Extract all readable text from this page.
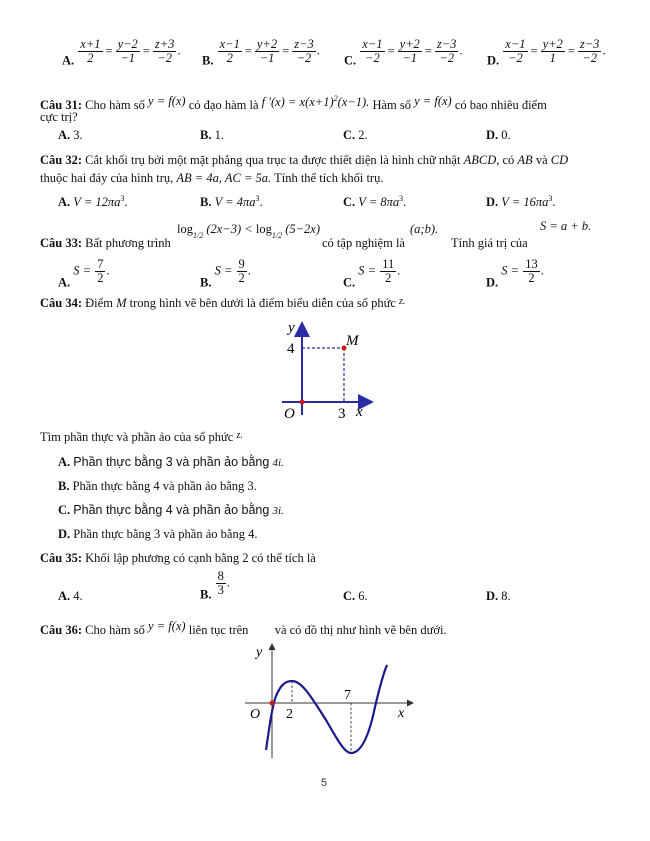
A. $\frac{x+1}{2} = \frac{y-2}{-1} = \frac{z+3}{-2}$ .
B. $\frac{x-1}{2} = \frac{y+2}{-1} = \frac{z-3}{-2}$ .
C. $\frac{x-1}{-2} = \frac{y+2}{-1} = \frac{z-3}{-2}$ .
D. $\frac{x-1}{-2} = \frac{y+2}{1} = \frac{z-3}{-2}$ .
Câu 31: Cho hàm số y = f(x) có đạo hàm là f $'(x) = x(x+1)^2(x-1)$. Hàm số y = f(x) có bao nhiêu điểm
cực trị?
A. 3.	B. 1.	C. 2.	D. 0.
Câu 32: Cắt khối trụ bởi một mặt phẳng qua trục ta được thiết diện là hình chữ nhật ABCD, có AB và CD
thuộc hai đáy của hình trụ, AB = 4a, AC = 5a. Tính thể tích khối trụ.
A. $V = 12\pi a^3$.	B. $V = 4\pi a^3$.	C. $V = 8\pi a^3$.	D. $V = 16\pi a^3$.
Câu 33: Bất phương trình
$\log_{1/2} (2x-3) < \log_{1/2} (5-2x)$
có tập nghiệm là
(a;b).
Tính giá trị của
S = a + b.
A. $S = \frac{7}{2}$ .
B. $S = \frac{9}{2}$ .
C. $S = \frac{11}{2}$ .
D. $S = \frac{13}{2}$ .
Câu 34: Điểm M trong hình vẽ bên dưới là điểm biểu diễn của số phức $^{z.}$
y
x
O
M
4
3
Tìm phần thực và phần ảo của số phức $^{z.}$
A. Phần thực bằng 3 và phần ảo bằng 4i.
B. Phần thực bằng 4 và phần ảo bằng 3.
C. Phần thực bằng 4 và phần ảo bằng 3i.
D. Phần thực bằng 3 và phần ảo bằng 4.
Câu 35: Khối lập phương có cạnh bằng 2 có thể tích là
A. 4.	B. $\frac{8}{3}$ .
C. 6.	D. 8.
Câu 36: Cho hàm số y = f(x) liên tục trên và có đồ thị như hình vẽ bên dưới.
y
x
O 2
7
5
